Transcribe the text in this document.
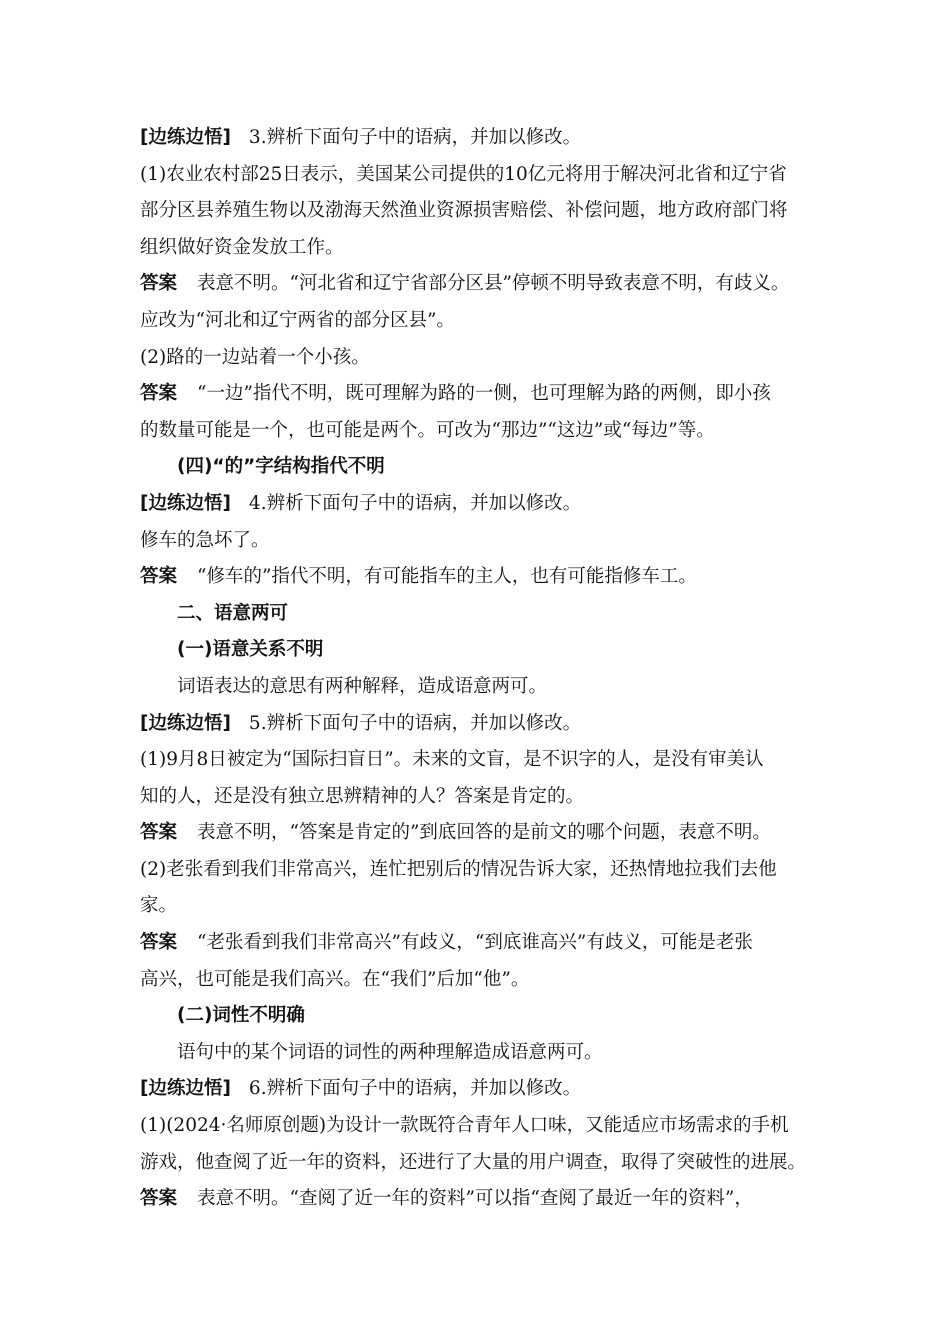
[边练边悟] 3.辨析下面句子中的语病，并加以修改。
(1)农业农村部25日表示，美国某公司提供的10亿元将用于解决河北省和辽宁省
部分区县养殖生物以及渤海天然渔业资源损害赔偿、补偿问题，地方政府部门将
组织做好资金发放工作。
答案 表意不明。“河北省和辽宁省部分区县”停顿不明导致表意不明，有歧义。
应改为“河北和辽宁两省的部分区县”。
(2)路的一边站着一个小孩。
答案 “一边”指代不明，既可理解为路的一侧，也可理解为路的两侧，即小孩
的数量可能是一个，也可能是两个。可改为“那边”“这边”或“每边”等。
(四)“的”字结构指代不明
[边练边悟] 4.辨析下面句子中的语病，并加以修改。
修车的急坏了。
答案 “修车的”指代不明，有可能指车的主人，也有可能指修车工。
二、语意两可
(一)语意关系不明
词语表达的意思有两种解释，造成语意两可。
[边练边悟] 5.辨析下面句子中的语病，并加以修改。
(1)9月8日被定为“国际扫盲日”。未来的文盲，是不识字的人，是没有审美认
知的人，还是没有独立思辨精神的人？答案是肯定的。
答案 表意不明，“答案是肯定的”到底回答的是前文的哪个问题，表意不明。
(2)老张看到我们非常高兴，连忙把别后的情况告诉大家，还热情地拉我们去他
家。
答案 “老张看到我们非常高兴”有歧义，“到底谁高兴”有歧义，可能是老张
高兴，也可能是我们高兴。在“我们”后加“他”。
(二)词性不明确
语句中的某个词语的词性的两种理解造成语意两可。
[边练边悟] 6.辨析下面句子中的语病，并加以修改。
(1)(2024·名师原创题)为设计一款既符合青年人口味，又能适应市场需求的手机
游戏，他查阅了近一年的资料，还进行了大量的用户调查，取得了突破性的进展。
答案 表意不明。“查阅了近一年的资料”可以指“查阅了最近一年的资料”，
